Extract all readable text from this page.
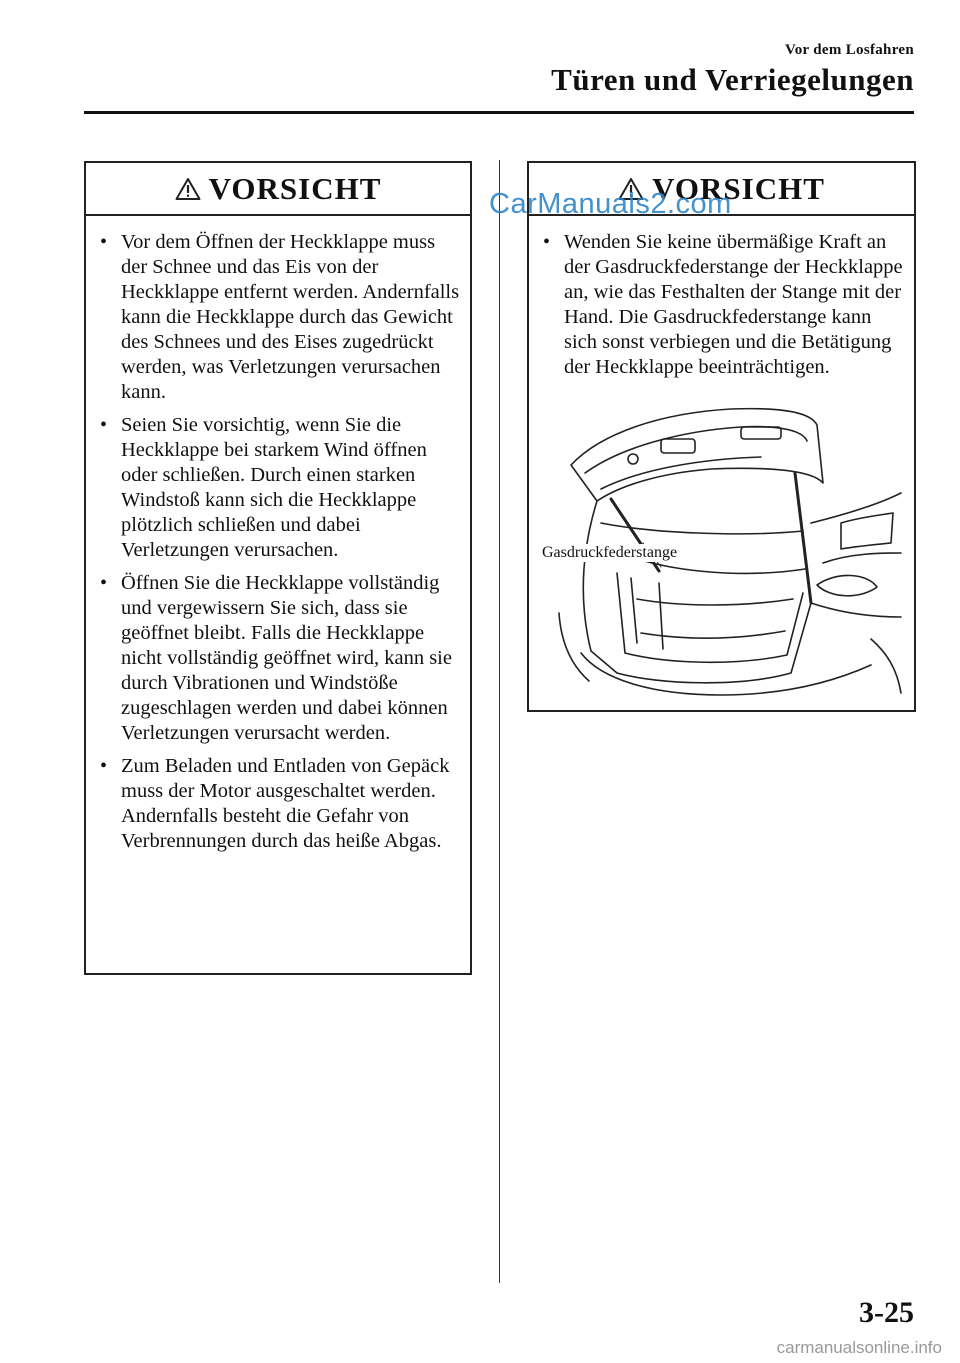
Vor dem Losfahren
Türen und Verriegelungen
VORSICHT
• Vor dem Öffnen der Heckklappe muss der Schnee und das Eis von der Heckklappe entfernt werden. Andernfalls kann die Heckklappe durch das Gewicht des Schnees und des Eises zugedrückt werden, was Verletzungen verursachen kann.
• Seien Sie vorsichtig, wenn Sie die Heckklappe bei starkem Wind öffnen oder schließen. Durch einen starken Windstoß kann sich die Heckklappe plötzlich schließen und dabei Verletzungen verursachen.
• Öffnen Sie die Heckklappe vollständig und vergewissern Sie sich, dass sie geöffnet bleibt. Falls die Heckklappe nicht vollständig geöffnet wird, kann sie durch Vibrationen und Windstöße zugeschlagen werden und dabei können Verletzungen verursacht werden.
• Zum Beladen und Entladen von Gepäck muss der Motor ausgeschaltet werden. Andernfalls besteht die Gefahr von Verbrennungen durch das heiße Abgas.
VORSICHT
• Wenden Sie keine übermäßige Kraft an der Gasdruckfederstange der Heckklappe an, wie das Festhalten der Stange mit der Hand. Die Gasdruckfederstange kann sich sonst verbiegen und die Betätigung der Heckklappe beeinträchtigen.
Gasdruckfederstange
CarManuals2.com
3-25
carmanualsonline.info
